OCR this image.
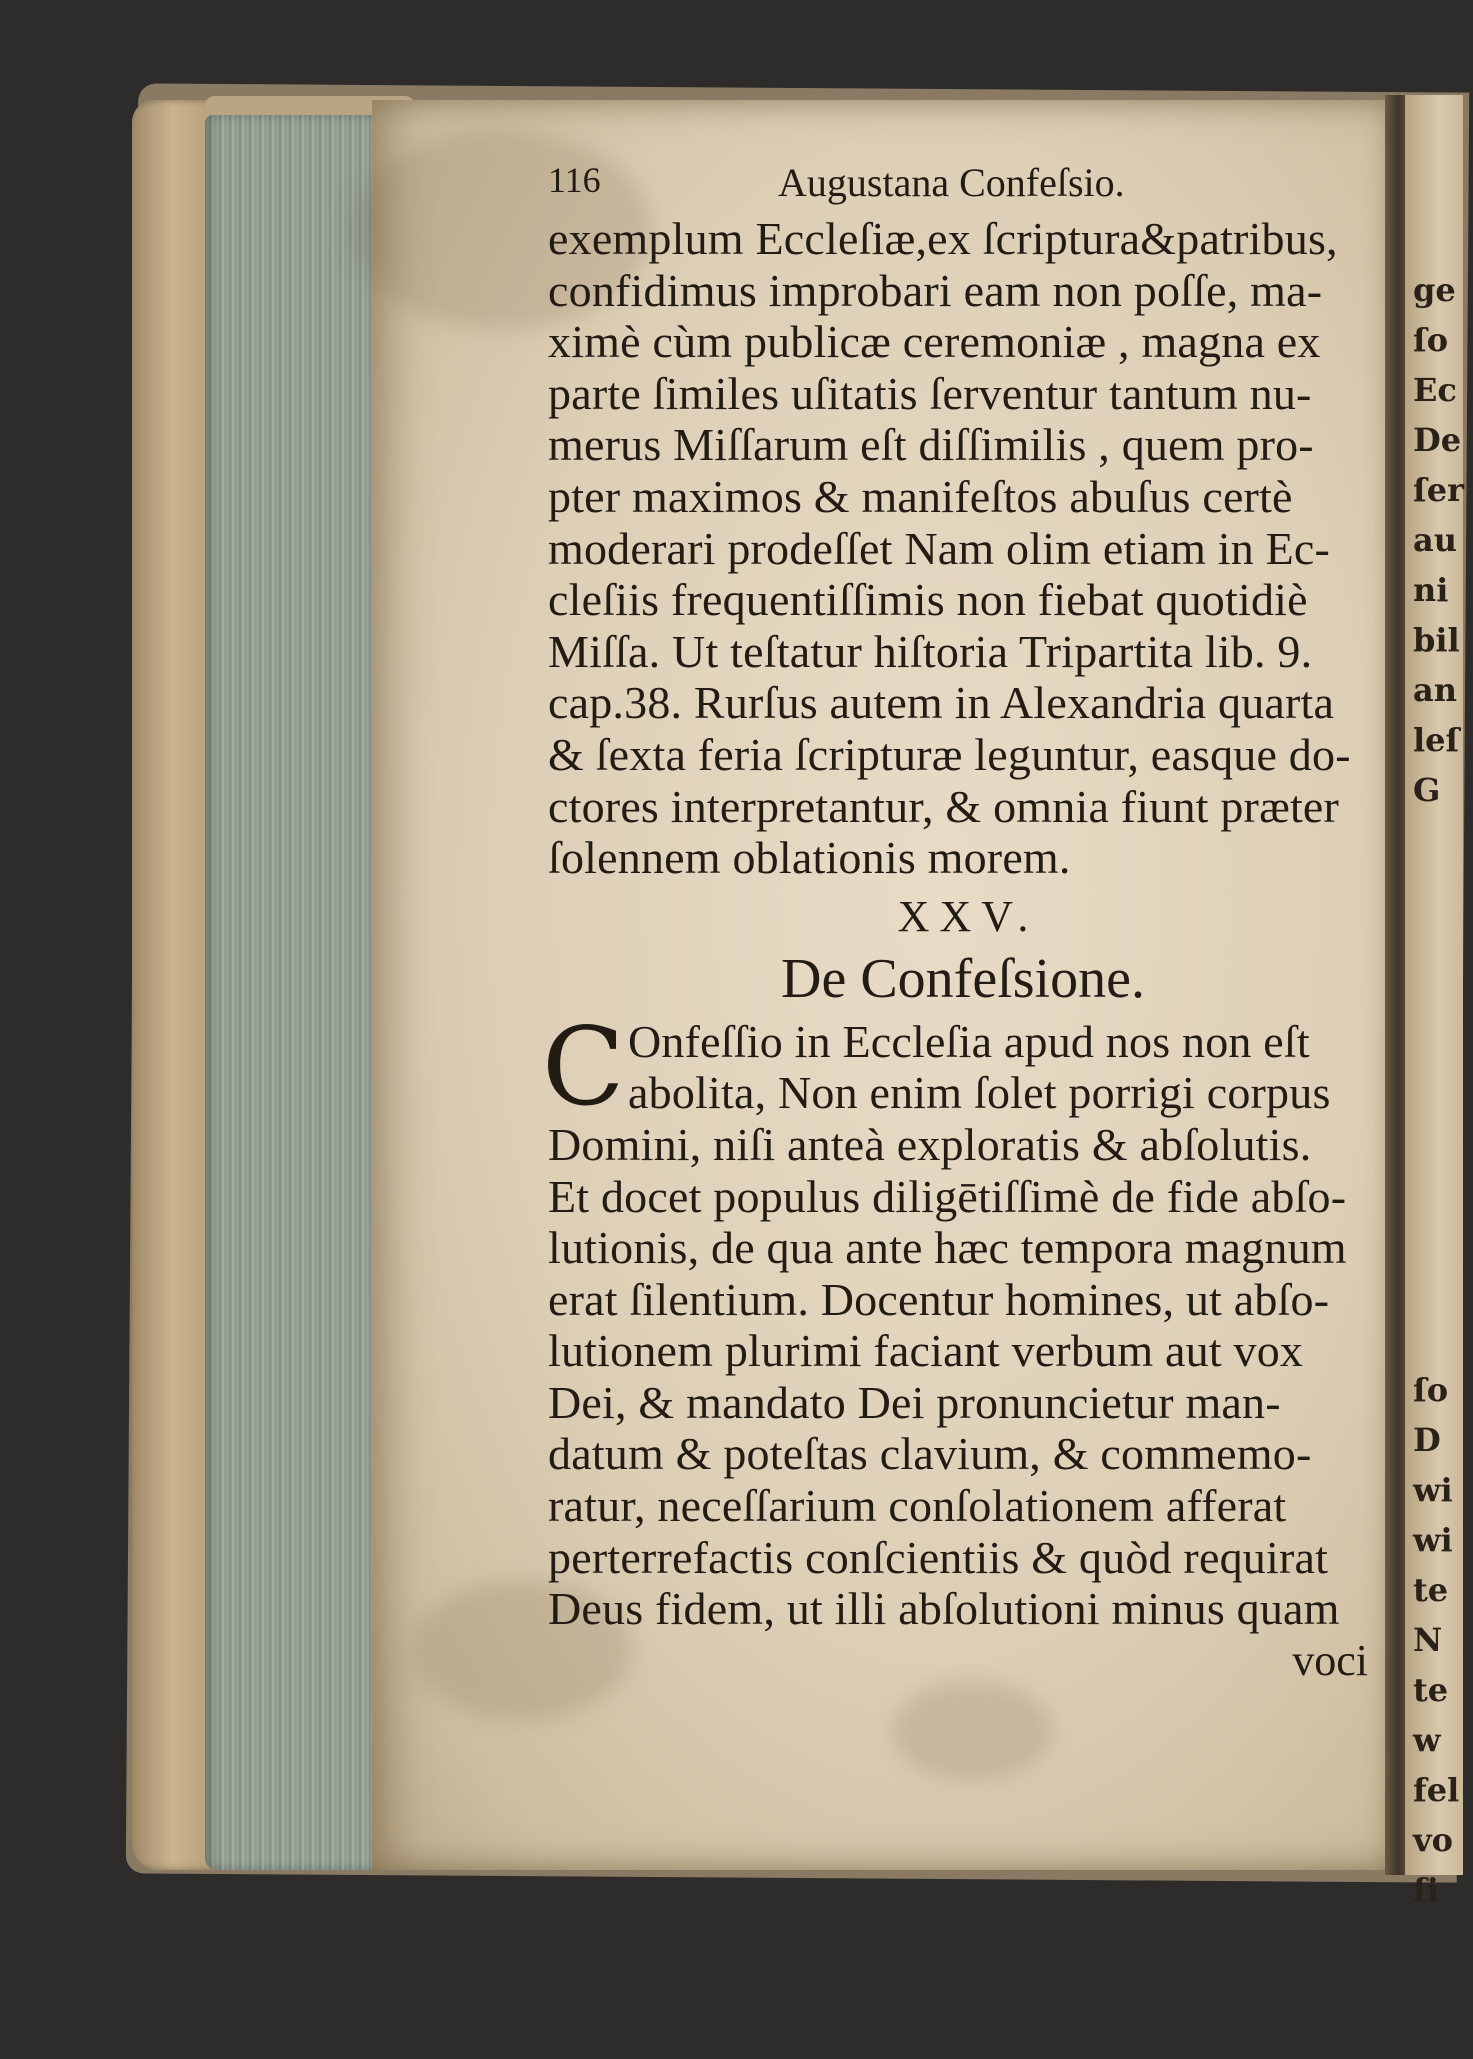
ge
ſo
Ec
De
ſer
au
ni
bil
an
leſ
G

ſo
D
wi
wi
te
N
te
w
fel
vo
ſi
116	Augustana Confeſsio.
exemplum Eccleſiæ,ex ſcriptura&patribus,
confidimus improbari eam non poſſe, ma-
ximè cùm publicæ ceremoniæ , magna ex
parte ſimiles uſitatis ſerventur tantum nu-
merus Miſſarum eſt diſſimilis , quem pro-
pter maximos & manifeſtos abuſus certè
moderari prodeſſet Nam olim etiam in Ec-
cleſiis frequentiſſimis non fiebat quotidiè
Miſſa. Ut teſtatur hiſtoria Tripartita lib. 9.
cap.38. Rurſus autem in Alexandria quarta
& ſexta feria ſcripturæ leguntur, easque do-
ctores interpretantur, & omnia fiunt præter
ſolennem oblationis morem.
XXV.
De Confeſsione.
C Onfeſſio in Eccleſia apud nos non eſt
abolita, Non enim ſolet porrigi corpus
Domini, niſi anteà exploratis & abſolutis.
Et docet populus diligētiſſimè de fide abſo-
lutionis, de qua ante hæc tempora magnum
erat ſilentium. Docentur homines, ut abſo-
lutionem plurimi faciant verbum aut vox
Dei, & mandato Dei pronuncietur man-
datum & poteſtas clavium, & commemo-
ratur, neceſſarium conſolationem afferat
perterrefactis conſcientiis & quòd requirat
Deus fidem, ut illi abſolutioni minus quam
voci
